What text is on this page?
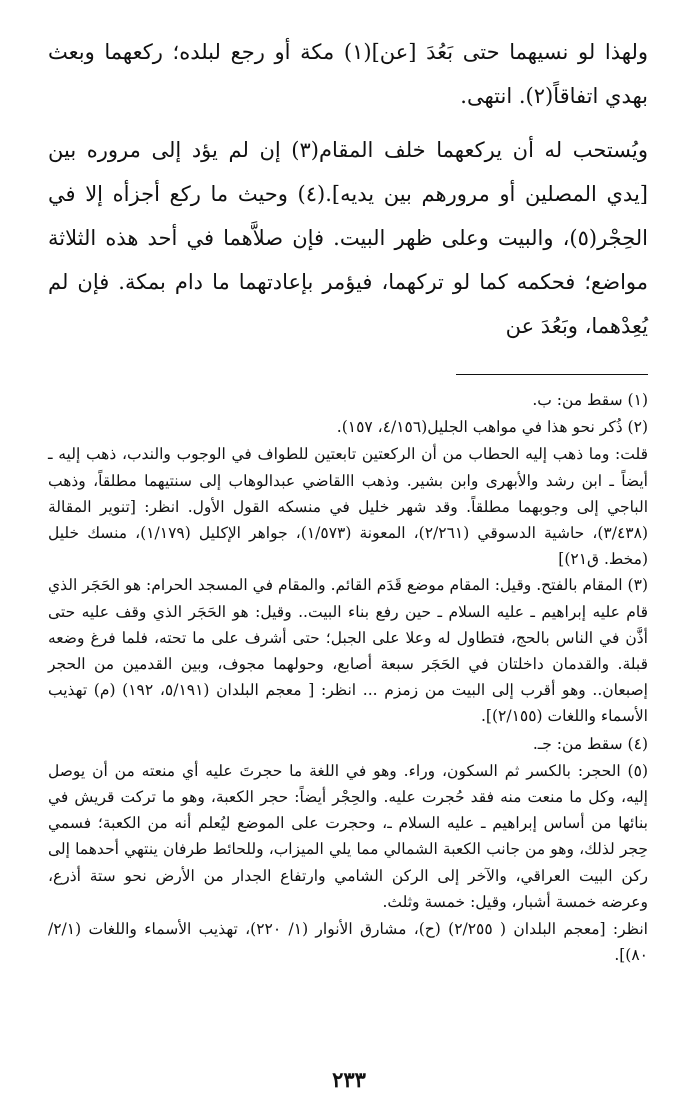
ولهذا لو نسيهما حتى بَعُدَ [عن](١) مكة أو رجع لبلده؛ ركعهما وبعث بهدي اتفاقاً(٢). انتهى.

ويُستحب له أن يركعهما خلف المقام(٣) إن لم يؤد إلى مروره بين [يدي المصلين أو مرورهم بين يديه].(٤) وحيث ما ركع أجزأه إلا في الحِجْر(٥)، والبيت وعلى ظهر البيت. فإن صلاَّهما في أحد هذه الثلاثة مواضع؛ فحكمه كما لو تركهما، فيؤمر بإعادتهما ما دام بمكة. فإن لم يُعِدْهما، وبَعُدَ عن

(١) سقط من: ب.

(٢) ذُكر نحو هذا في مواهب الجليل(٤/١٥٦، ١٥٧).

قلت: وما ذهب إليه الحطاب من أن الركعتين تابعتين للطواف في الوجوب والندب، ذهب إليه ـ أيضاً ـ ابن رشد والأبهرى وابن بشير. وذهب االقاضي عبدالوهاب إلى سنتيهما مطلقاً، وذهب الباجي إلى وجوبهما مطلقاً. وقد شهر خليل في منسكه القول الأول. انظر: [تنوير المقالة (٣/٤٣٨)، حاشية الدسوقي (٢/٢٦١)، المعونة (١/٥٧٣)، جواهر الإكليل (١/١٧٩)، منسك خليل (مخط. ق٢١)]

(٣) المقام بالفتح. وقيل: المقام موضع قَدَم القائم. والمقام في المسجد الحرام: هو الحَجَر الذي قام عليه إبراهيم ـ عليه السلام ـ حين رفع بناء البيت.. وقيل: هو الحَجَر الذي وقف عليه حتى أذَّن في الناس بالحج، فتطاول له وعلا على الجبل؛ حتى أشرف على ما تحته، فلما فرغ وضعه قبلة. والقدمان داخلتان في الحَجَر سبعة أصابع، وحولهما مجوف، وبين القدمين من الحجر إصبعان.. وهو أقرب إلى البيت من زمزم ... انظر: [ معجم البلدان (٥/١٩١، ١٩٢) (م) تهذيب الأسماء واللغات (٢/١٥٥)].

(٤) سقط من: جـ.

(٥) الحجر: بالكسر ثم السكون، وراء. وهو في اللغة ما حجرتَ عليه أي منعته من أن يوصل إليه، وكل ما منعت منه فقد حُجرت عليه. والحِجْر أيضاً: حجر الكعبة، وهو ما تركت قريش في بنائها من أساس إبراهيم ـ عليه السلام ـ، وحجرت على الموضع ليُعلم أنه من الكعبة؛ فسمي حِجر لذلك، وهو من جانب الكعبة الشمالي مما يلي الميزاب، وللحائط طرفان ينتهي أحدهما إلى ركن البيت العراقي، والآخر إلى الركن الشامي وارتفاع الجدار من الأرض نحو ستة أذرع، وعرضه خمسة أشبار، وقيل: خمسة وثلث.

انظر: [معجم البلدان ( ٢/٢٥٥) (ح)، مشارق الأنوار (١/ ٢٢٠)، تهذيب الأسماء واللغات (٢/١/ ٨٠)].

٢٣٣
